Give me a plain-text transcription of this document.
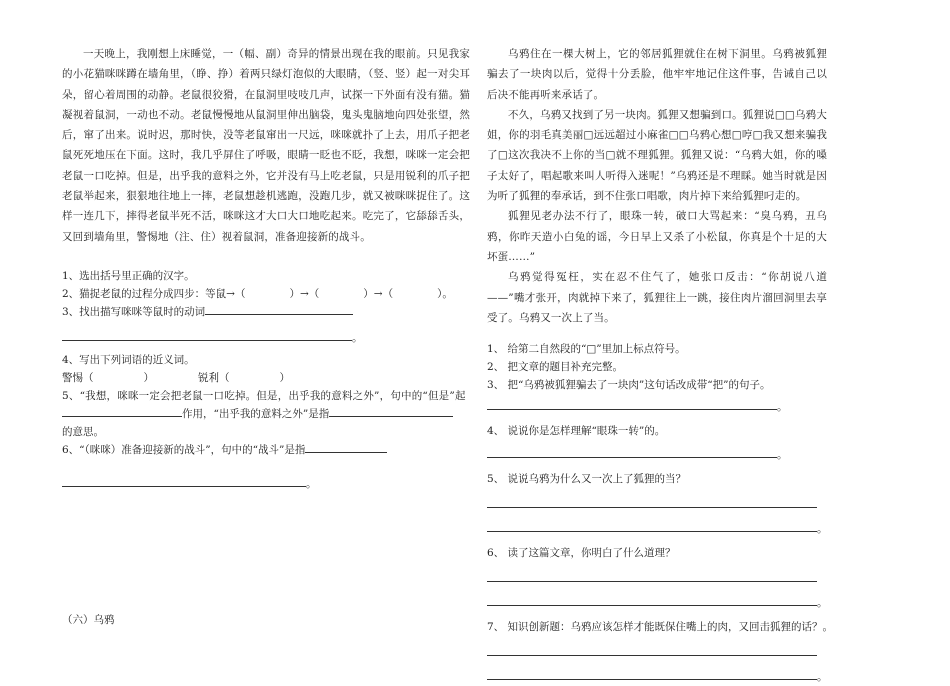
一天晚上，我刚想上床睡觉，一（幅、副）奇异的情景出现在我的眼前。只见我家的小花猫咪咪蹲在墙角里，（睁、挣）着两只绿灯泡似的大眼睛，（竖、竖）起一对尖耳朵，留心着周围的动静。老鼠很狡猾，在鼠洞里吱吱几声，试探一下外面有没有猫。猫凝视着鼠洞，一动也不动。老鼠慢慢地从鼠洞里伸出脑袋，鬼头鬼脑地向四处张望，然后，窜了出来。说时迟，那时快，没等老鼠窜出一尺远，咪咪就扑了上去，用爪子把老鼠死死地压在下面。这时，我几乎屏住了呼吸，眼睛一眨也不眨，我想，咪咪一定会把老鼠一口吃掉。但是，出乎我的意料之外，它并没有马上吃老鼠，只是用锐利的爪子把老鼠举起来，狠狠地往地上一摔，老鼠想趁机逃跑，没跑几步，就又被咪咪捉住了。这样一连几下，摔得老鼠半死不活，咪咪这才大口大口地吃起来。吃完了，它舔舔舌头，又回到墙角里，警惕地（注、住）视着鼠洞，准备迎接新的战斗。

1、选出括号里正确的汉字。

2、猫捉老鼠的过程分成四步：等鼠→（	）→（	）→（	）。

3、找出描写咪咪等鼠时的动词

。

4、写出下列词语的近义词。

警惕（	）	锐利（	）

5、“我想，咪咪一定会把老鼠一口吃掉。但是，出乎我的意料之外”，句中的“但是”起

作用，“出乎我的意料之外”是指

的意思。

6、“（咪咪）准备迎接新的战斗”，句中的“战斗”是指

。

乌鸦住在一棵大树上，它的邻居狐狸就住在树下洞里。乌鸦被狐狸骗去了一块肉以后，觉得十分丢脸，他牢牢地记住这件事，告诫自己以后决不能再听来承话了。

不久，乌鸦又找到了另一块肉。狐狸又想骗到口。狐狸说□□乌鸦大姐，你的羽毛真美丽□远远超过小麻雀□□乌鸦心想□哼□我又想来骗我了□这次我决不上你的当□就不理狐狸。狐狸又说：“乌鸦大姐，你的嗓子太好了，唱起歌来叫人听得入迷呢！”乌鸦还是不理睬。她当时就是因为听了狐狸的奉承话，到不住张口唱歌，肉片掉下来给狐狸叼走的。

狐狸见老办法不行了，眼珠一转，破口大骂起来：“臭乌鸦，丑乌鸦，你昨天造小白兔的谣，今日早上又杀了小松鼠，你真是个十足的大坏蛋……”

乌鸦觉得冤枉，实在忍不住气了，她张口反击：“你胡说八道——”嘴才张开，肉就掉下来了，狐狸往上一跳，接住肉片溜回洞里去享受了。乌鸦又一次上了当。

1、 给第二自然段的“□”里加上标点符号。

2、 把文章的题目补充完整。

3、 把“乌鸦被狐狸骗去了一块肉”这句话改成带“把”的句子。

。

4、 说说你是怎样理解“眼珠一转”的。

。

5、 说说乌鸦为什么又一次上了狐狸的当？

。

6、 读了这篇文章，你明白了什么道理？

。

7、 知识创新题：乌鸦应该怎样才能既保住嘴上的肉，又回击狐狸的话？。

。

（六）乌鸦
